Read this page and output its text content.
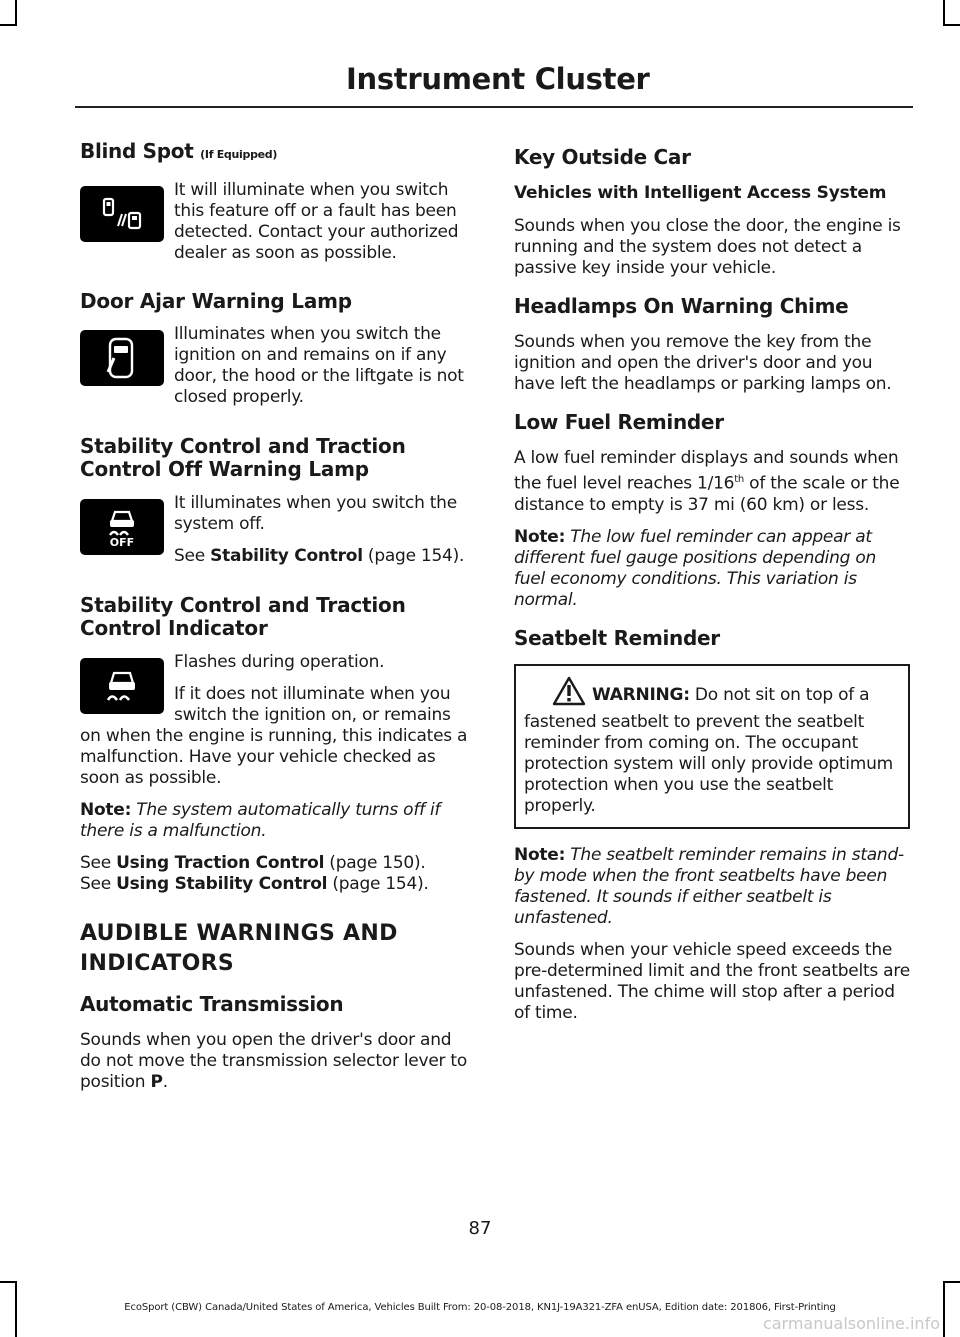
Instrument Cluster
Blind Spot (If Equipped)

It will illuminate when you switch this feature off or a fault has been detected. Contact your authorized dealer as soon as possible.

Door Ajar Warning Lamp

Illuminates when you switch the ignition on and remains on if any door, the hood or the liftgate is not closed properly.

Stability Control and Traction Control Off Warning Lamp
OFF

It illuminates when you switch the system off.

See Stability Control (page 154).

Stability Control and Traction Control Indicator

Flashes during operation.

If it does not illuminate when you switch the ignition on, or remains on when the engine is running, this indicates a malfunction. Have your vehicle checked as soon as possible.

Note: The system automatically turns off if there is a malfunction.

See Using Traction Control (page 150).
See Using Stability Control (page 154).

AUDIBLE WARNINGS AND
INDICATORS
Automatic Transmission

Sounds when you open the driver's door and do not move the transmission selector lever to position P.

Key Outside Car
Vehicles with Intelligent Access System

Sounds when you close the door, the engine is running and the system does not detect a passive key inside your vehicle.

Headlamps On Warning Chime

Sounds when you remove the key from the ignition and open the driver's door and you have left the headlamps or parking lamps on.

Low Fuel Reminder

A low fuel reminder displays and sounds when the fuel level reaches 1/16th of the scale or the distance to empty is 37 mi (60 km) or less.

Note: The low fuel reminder can appear at different fuel gauge positions depending on fuel economy conditions. This variation is normal.

Seatbelt Reminder

WARNING: Do not sit on top of a fastened seatbelt to prevent the seatbelt reminder from coming on. The occupant protection system will only provide optimum protection when you use the seatbelt properly.

Note: The seatbelt reminder remains in stand-by mode when the front seatbelts have been fastened. It sounds if either seatbelt is unfastened.

Sounds when your vehicle speed exceeds the pre-determined limit and the front seatbelts are unfastened. The chime will stop after a period of time.

87
EcoSport (CBW) Canada/United States of America, Vehicles Built From: 20-08-2018, KN1J-19A321-ZFA enUSA, Edition date: 201806, First-Printing
carmanualsonline.info
